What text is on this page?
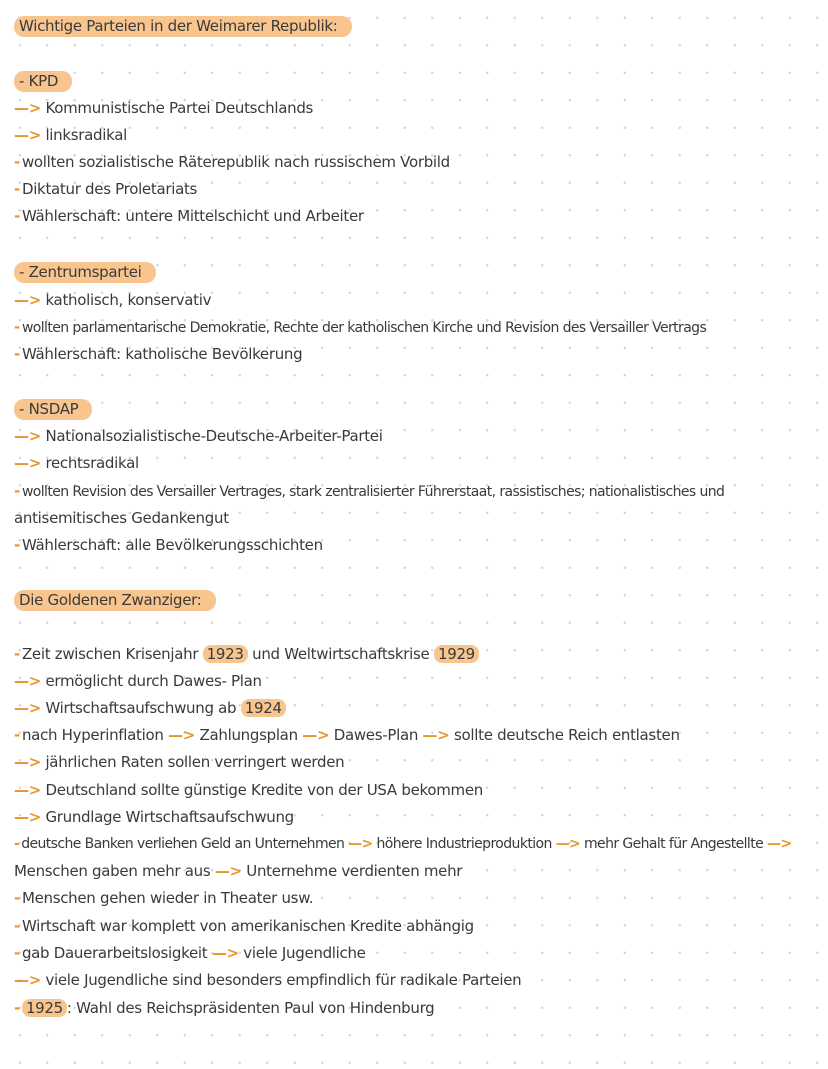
Wichtige Parteien in der Weimarer Republik:
- KPD
—> Kommunistische Partei Deutschlands
—> linksradikal
- wollten sozialistische Räterepublik nach russischem Vorbild
- Diktatur des Proletariats
- Wählerschaft: untere Mittelschicht und Arbeiter
- Zentrumspartei
—> katholisch, konservativ
- wollten parlamentarische Demokratie, Rechte der katholischen Kirche und Revision des Versailler Vertrags
- Wählerschaft: katholische Bevölkerung
- NSDAP
—> Nationalsozialistische-Deutsche-Arbeiter-Partei
—> rechtsradikal
- wollten Revision des Versailler Vertrages, stark zentralisierter Führerstaat, rassistisches; nationalistisches und
antisemitisches Gedankengut
- Wählerschaft: alle Bevölkerungsschichten
Die Goldenen Zwanziger:
- Zeit zwischen Krisenjahr 1923 und Weltwirtschaftskrise 1929
—> ermöglicht durch Dawes- Plan
—> Wirtschaftsaufschwung ab 1924
- nach Hyperinflation —> Zahlungsplan —> Dawes-Plan —> sollte deutsche Reich entlasten
—> jährlichen Raten sollen verringert werden
—> Deutschland sollte günstige Kredite von der USA bekommen
—> Grundlage Wirtschaftsaufschwung
- deutsche Banken verliehen Geld an Unternehmen —> höhere Industrieproduktion —> mehr Gehalt für Angestellte —>
Menschen gaben mehr aus —> Unternehme verdienten mehr
- Menschen gehen wieder in Theater usw.
- Wirtschaft war komplett von amerikanischen Kredite abhängig
- gab Dauerarbeitslosigkeit —> viele Jugendliche
—> viele Jugendliche sind besonders empfindlich für radikale Parteien
- 1925 : Wahl des Reichspräsidenten Paul von Hindenburg
